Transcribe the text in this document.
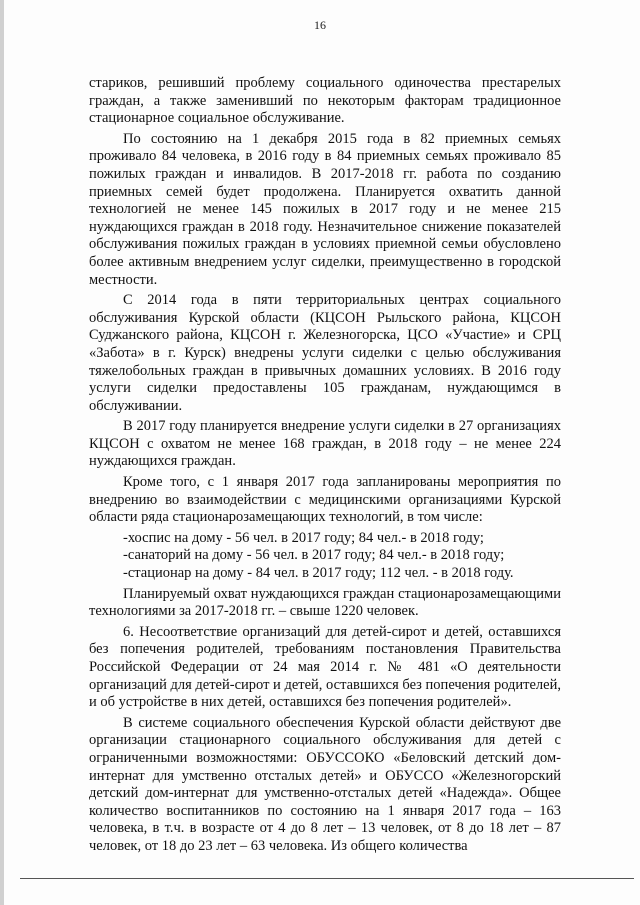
16

стариков, решивший проблему социального одиночества престарелых граждан, а также заменивший по некоторым факторам традиционное стационарное социальное обслуживание.

По состоянию на 1 декабря 2015 года в 82 приемных семьях проживало 84 человека, в 2016 году в 84 приемных семьях проживало 85 пожилых граждан и инвалидов. В 2017-2018 гг. работа по созданию приемных семей будет продолжена. Планируется охватить данной технологией не менее 145 пожилых в 2017 году и не менее 215 нуждающихся граждан в 2018 году. Незначительное снижение показателей обслуживания пожилых граждан в условиях приемной семьи обусловлено более активным внедрением услуг сиделки, преимущественно в городской местности.

С 2014 года в пяти территориальных центрах социального обслуживания Курской области (КЦСОН Рыльского района, КЦСОН Суджанского района, КЦСОН г. Железногорска, ЦСО «Участие» и СРЦ «Забота» в г. Курск) внедрены услуги сиделки с целью обслуживания тяжелобольных граждан в привычных домашних условиях. В 2016 году услуги сиделки предоставлены 105 гражданам, нуждающимся в обслуживании.

В 2017 году планируется внедрение услуги сиделки в 27 организациях КЦСОН с охватом не менее 168 граждан, в 2018 году – не менее 224 нуждающихся граждан.

Кроме того, с 1 января 2017 года запланированы мероприятия по внедрению во взаимодействии с медицинскими организациями Курской области ряда стационарозамещающих технологий, в том числе:

-хоспис на дому - 56 чел. в 2017 году; 84 чел.- в 2018 году;

-санаторий на дому - 56 чел. в 2017 году; 84 чел.- в 2018 году;

-стационар на дому - 84 чел. в 2017 году; 112 чел. - в 2018 году.

Планируемый охват нуждающихся граждан стационарозамещающими технологиями за 2017-2018 гг. – свыше 1220 человек.

6. Несоответствие организаций для детей-сирот и детей, оставшихся без попечения родителей, требованиям постановления Правительства Российской Федерации от 24 мая 2014 г. № 481 «О деятельности организаций для детей-сирот и детей, оставшихся без попечения родителей, и об устройстве в них детей, оставшихся без попечения родителей».

В системе социального обеспечения Курской области действуют две организации стационарного социального обслуживания для детей с ограниченными возможностями: ОБУССОКО «Беловский детский дом-интернат для умственно отсталых детей» и ОБУССО «Железногорский детский дом-интернат для умственно-отсталых детей «Надежда». Общее количество воспитанников по состоянию на 1 января 2017 года – 163 человека, в т.ч. в возрасте от 4 до 8 лет – 13 человек, от 8 до 18 лет – 87 человек, от 18 до 23 лет – 63 человека. Из общего количества
